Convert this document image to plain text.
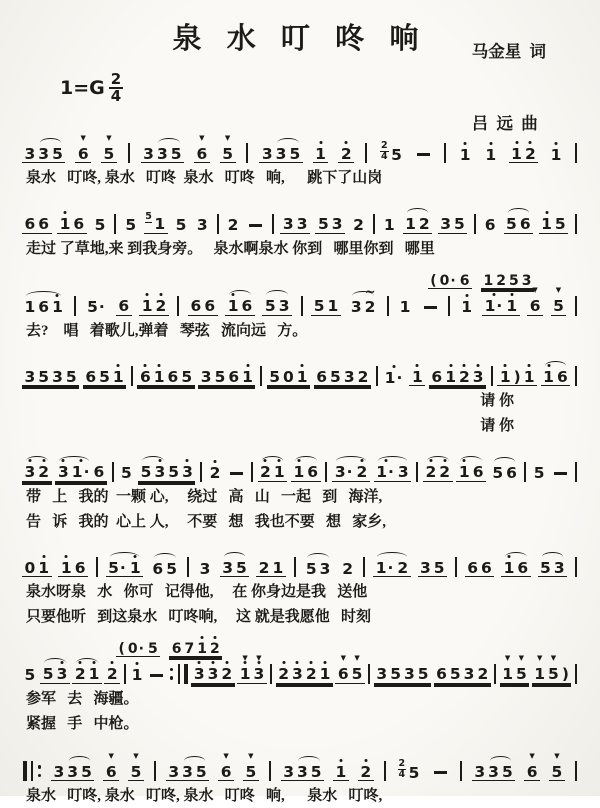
泉 水 叮 咚 响
$1=G \frac{2}{4}$

马金星  词

吕  远  曲

3 3 5 6
▼
5
▼
3 3 5 6
▼
5
▼
3 3 5 1 2	$\frac{2}{4} 5$	1 1 1 2 1
泉水   叮咚, 泉水   叮咚  泉水   叮咚   响,      跳下了山岗
6 6 1 6 5 5 5 1 5 3 2	3 3 5 3 2 1 1 2 3 5 6 5 6 1 5
走过 了草地,来 到我身旁。   泉水啊泉水 你到   哪里你到   哪里
( 0 · 6 1 2 5 3
1 6 1 5 · 6 1 2 6 6 1 6 5 3 5 1 3 2
~
1	1 1 · 1 6
▼
5
▼
去?    唱   着歌儿,弹着   琴弦   流向远   方。
3 5 3 5 6 5 1 6 1 6 5 3 5 6 1 5 0 1 6 5 3 2 1 · 1 6 1 2 3 1 ) 1 1 6
请 你
请 你
3 2 3 1 · 6 5 5 3 5 3 2	2 1 1 6 3 · 2 1 · 3 2 2 1 6 5 6 5
带   上   我的  一颗 心,     绕过   高   山   一起   到   海洋,
告   诉   我的  心上 人,     不要   想   我也不要   想   家乡,
0 1 1 6 5 · 1 6 5 3 3 5 2 1 5 3 2 1 · 2 3 5 6 6 1 6 5 3
泉水呀泉   水   你可   记得他,     在 你身边是我   送他
只要他听   到这泉水   叮咚响,     这 就是我愿他   时刻
( 0 · 5 6 7 1 2
5 5 3 2 1 2 1	3 3 2 1
▼
3
▼
2 3 2 1 6
▼
5
▼
3 5 3 5 6 5 3 2 1
▼
5
▼
1
▼
5
▼
)
参军   去   海疆。
紧握   手   中枪。
3 3 5 6
▼
5
▼
3 3 5 6
▼
5
▼
3 3 5 1 2	$\frac{2}{4} 5$	3 3 5 6
▼
5
▼
泉水   叮咚, 泉水   叮咚, 泉水   叮咚   响,      泉水   叮咚,
